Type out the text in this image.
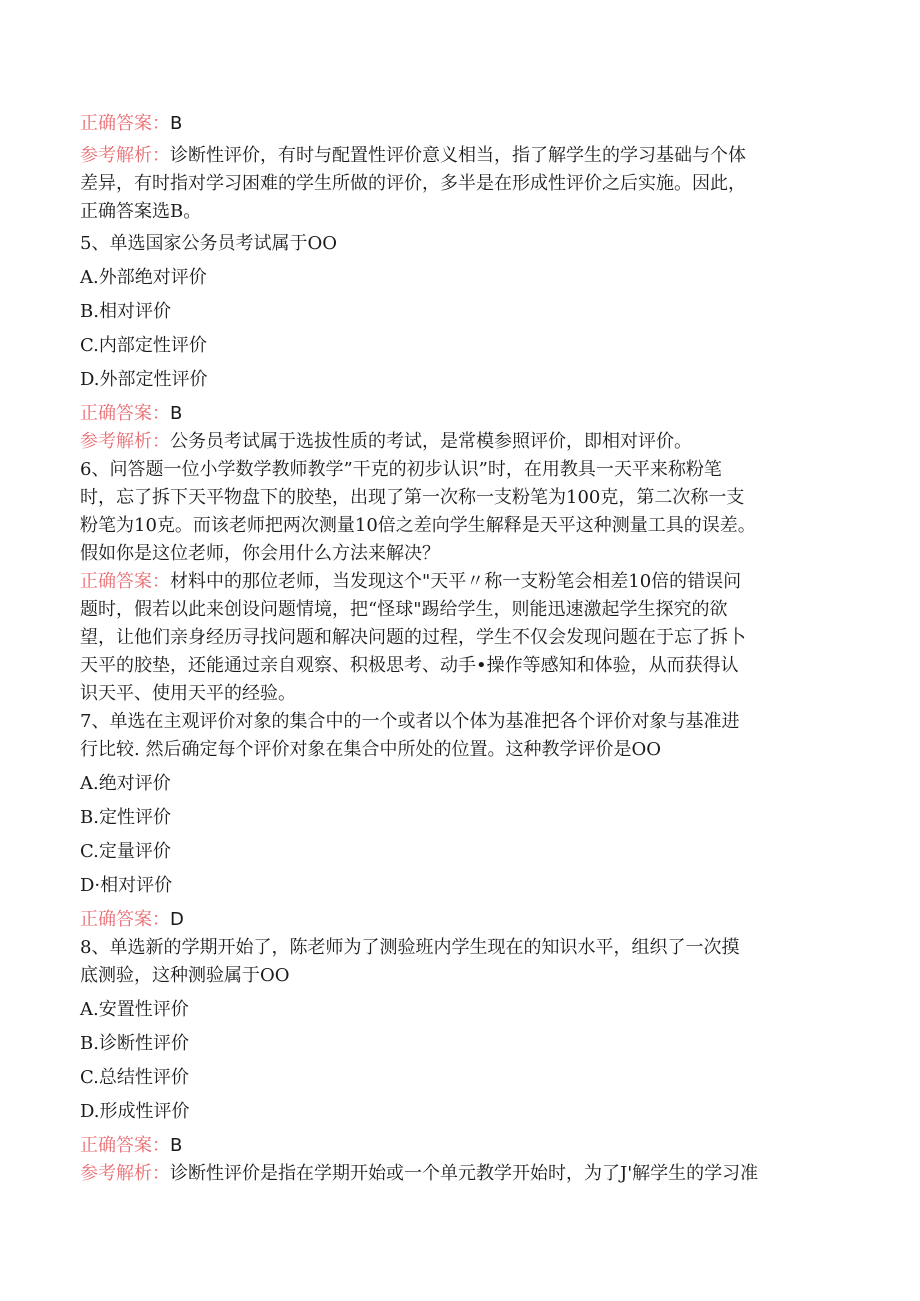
正确答案：B

参考解析：诊断性评价，有时与配置性评价意义相当，指了解学生的学习基础与个体

差异，有时指对学习困难的学生所做的评价，多半是在形成性评价之后实施。因此，

正确答案选B。

5、单选国家公务员考试属于OO

A.外部绝对评价

B.相对评价

C.内部定性评价

D.外部定性评价

正确答案：B

参考解析：公务员考试属于选拔性质的考试，是常模参照评价，即相对评价。

6、问答题一位小学数学教师教学”干克的初步认识”时，在用教具一天平来称粉笔

时，忘了拆下天平物盘下的胶垫，出现了第一次称一支粉笔为100克，第二次称一支

粉笔为10克。而该老师把两次测量10倍之差向学生解释是天平这种测量工具的误差。

假如你是这位老师，你会用什么方法来解决？

正确答案：材料中的那位老师，当发现这个"天平〃称一支粉笔会相差10倍的错误问

题时，假若以此来创设问题情境，把“怪球"踢给学生，则能迅速激起学生探究的欲

望，让他们亲身经历寻找问题和解决问题的过程，学生不仅会发现问题在于忘了拆卜

天平的胶垫，还能通过亲自观察、积极思考、动手•操作等感知和体验，从而获得认

识天平、使用天平的经验。

7、单选在主观评价对象的集合中的一个或者以个体为基准把各个评价对象与基准进

行比较. 然后确定每个评价对象在集合中所处的位置。这种教学评价是OO

A.绝对评价

B.定性评价

C.定量评价

D·相对评价

正确答案：D

8、单选新的学期开始了，陈老师为了测验班内学生现在的知识水平，组织了一次摸

底测验，这种测验属于OO

A.安置性评价

B.诊断性评价

C.总结性评价

D.形成性评价

正确答案：B

参考解析：诊断性评价是指在学期开始或一个单元教学开始时，为了J'解学生的学习准
